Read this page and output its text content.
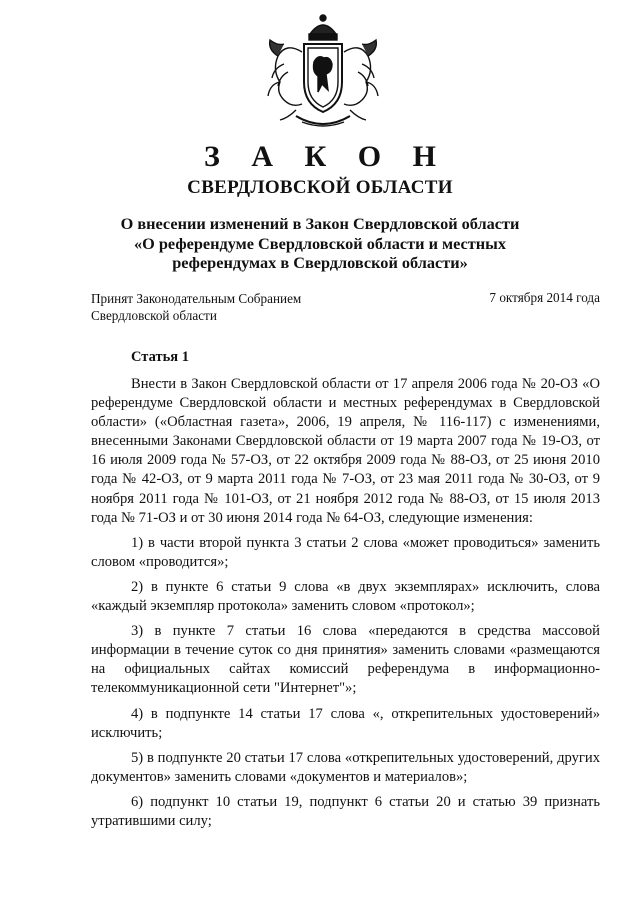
З А К О Н
СВЕРДЛОВСКОЙ ОБЛАСТИ
О внесении изменений в Закон Свердловской области
«О референдуме Свердловской области и местных
референдумах в Свердловской области»
Принят Законодательным Собранием
Свердловской области
7 октября 2014 года
Статья 1

Внести в Закон Свердловской области от 17 апреля 2006 года № 20-ОЗ «О референдуме Свердловской области и местных референдумах в Свердловской области» («Областная газета», 2006, 19 апреля, № 116-117) с изменениями, внесенными Законами Свердловской области от 19 марта 2007 года № 19-ОЗ, от 16 июля 2009 года № 57-ОЗ, от 22 октября 2009 года № 88-ОЗ, от 25 июня 2010 года № 42-ОЗ, от 9 марта 2011 года № 7-ОЗ, от 23 мая 2011 года № 30-ОЗ, от 9 ноября 2011 года № 101-ОЗ, от 21 ноября 2012 года № 88-ОЗ, от 15 июля 2013 года № 71-ОЗ и от 30 июня 2014 года № 64-ОЗ, следующие изменения:

1) в части второй пункта 3 статьи 2 слова «может проводиться» заменить словом «проводится»;

2) в пункте 6 статьи 9 слова «в двух экземплярах» исключить, слова «каждый экземпляр протокола» заменить словом «протокол»;

3) в пункте 7 статьи 16 слова «передаются в средства массовой информации в течение суток со дня принятия» заменить словами «размещаются на официальных сайтах комиссий референдума в информационно-телекоммуникационной сети "Интернет"»;

4) в подпункте 14 статьи 17 слова «, открепительных удостоверений» исключить;

5) в подпункте 20 статьи 17 слова «открепительных удостоверений, других документов» заменить словами «документов и материалов»;

6) подпункт 10 статьи 19, подпункт 6 статьи 20 и статью 39 признать утратившими силу;
